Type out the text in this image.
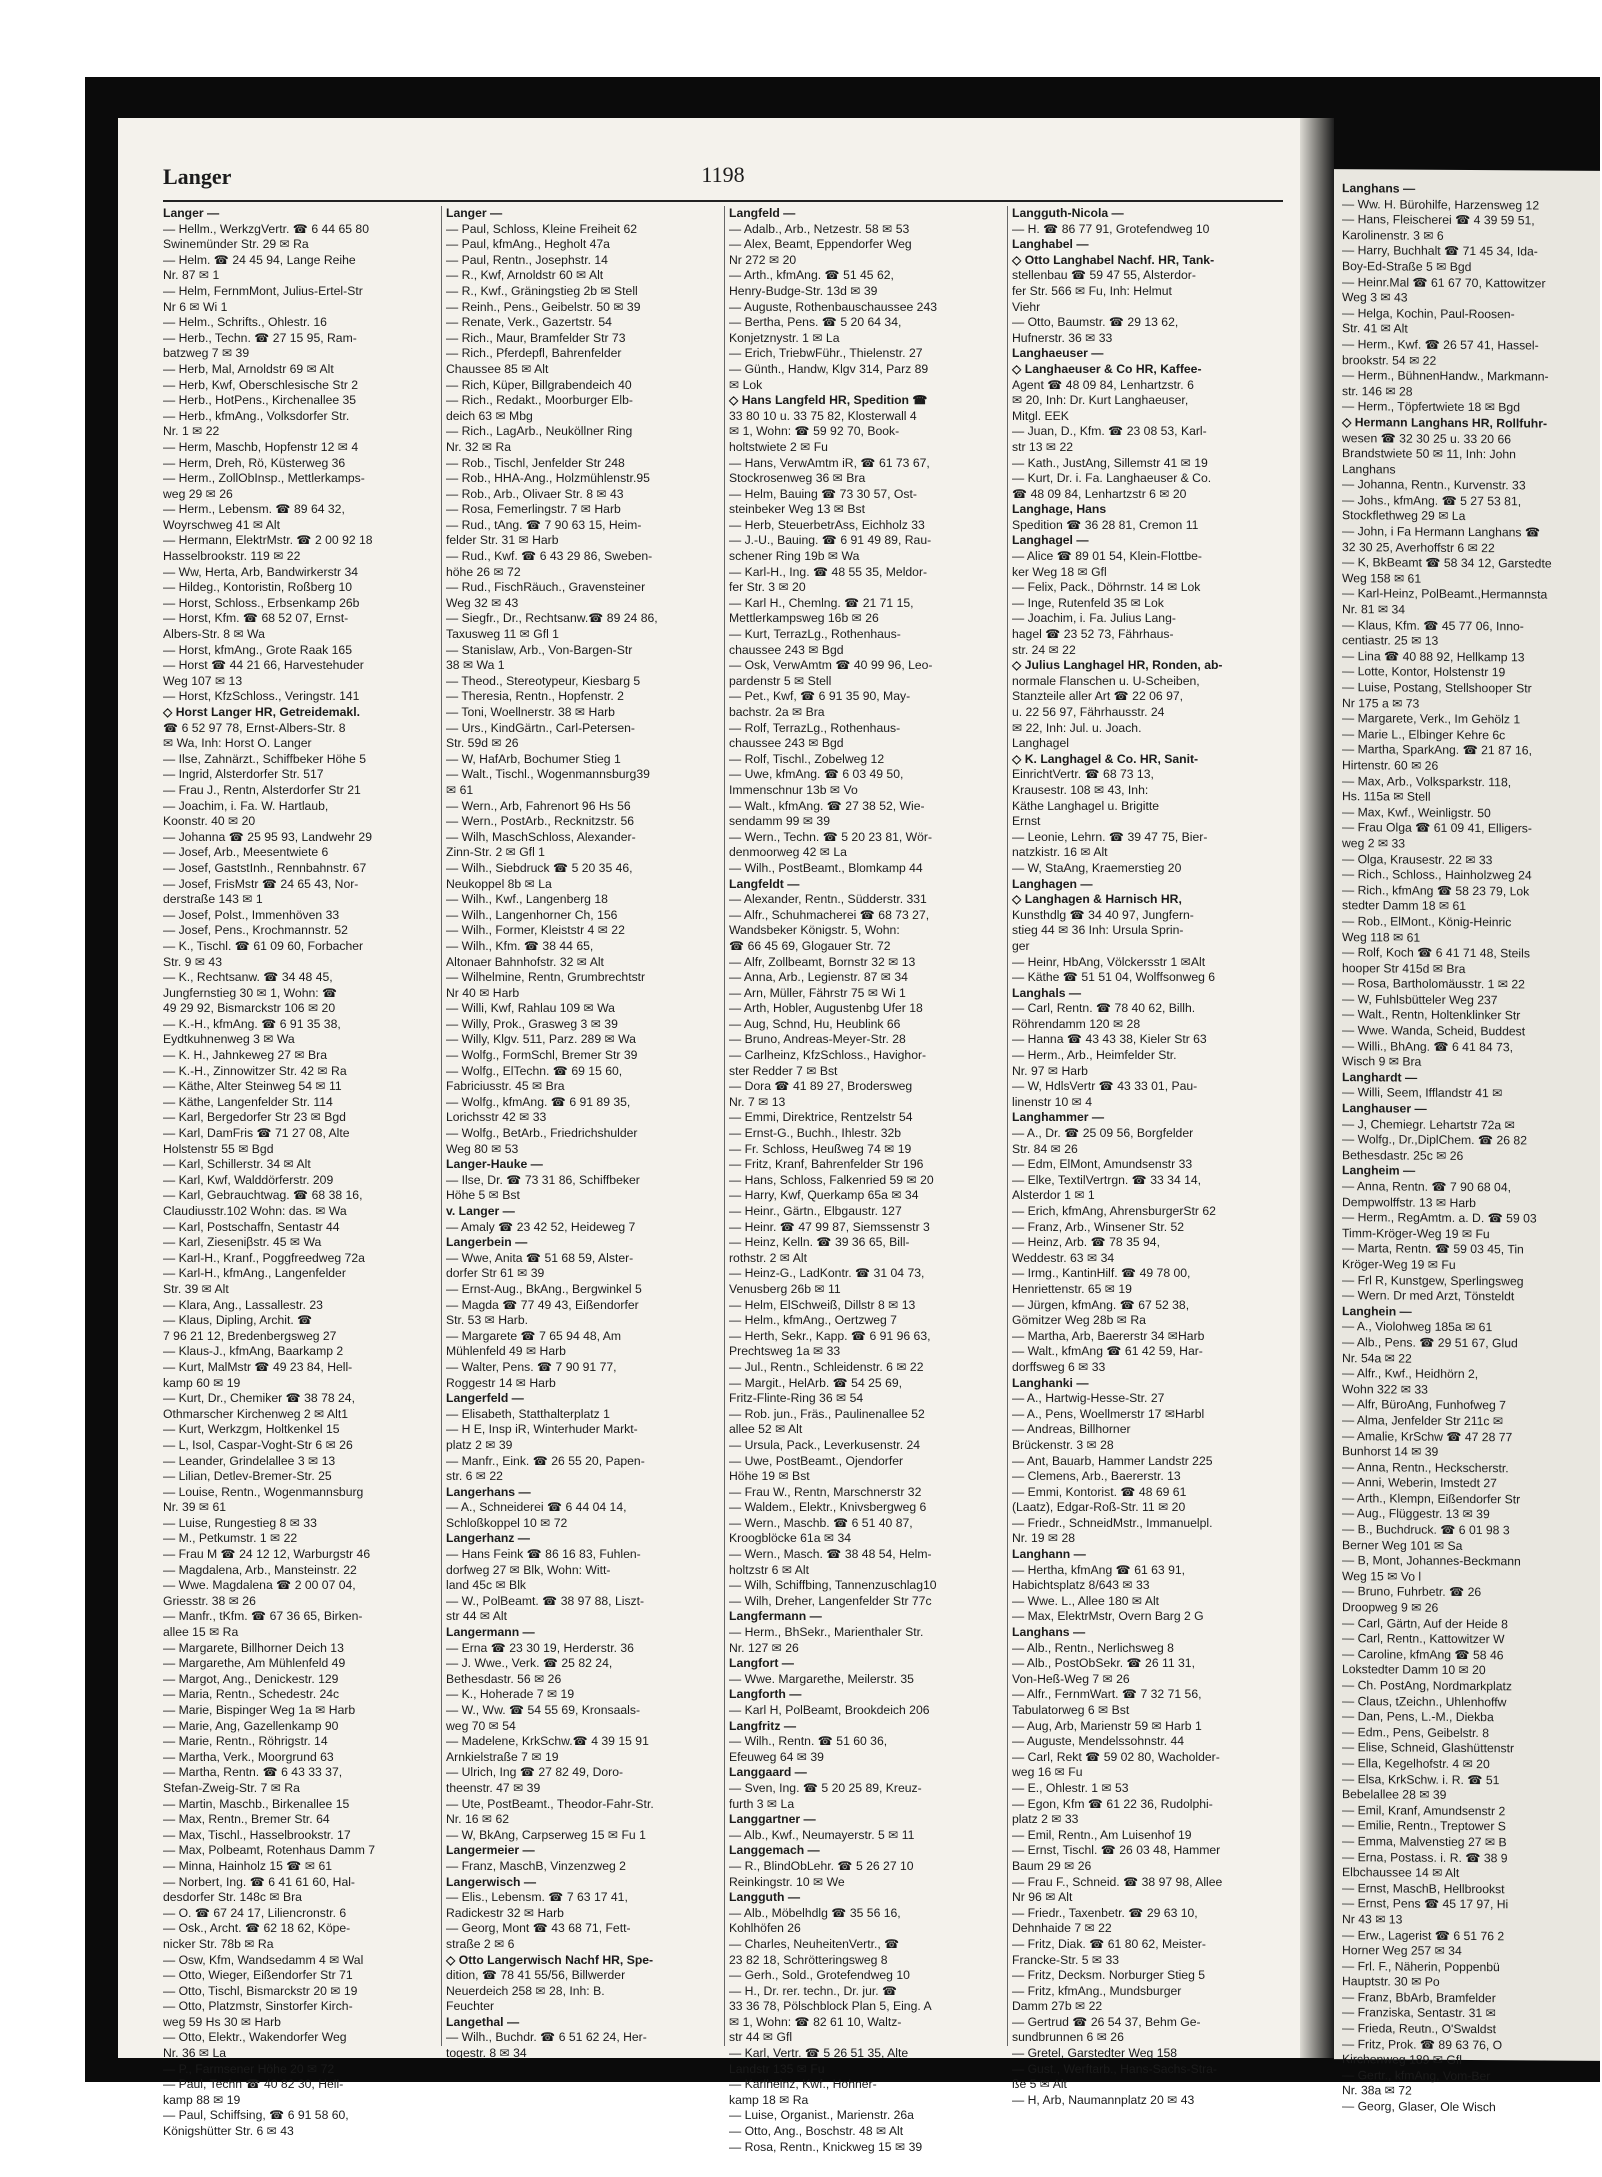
Langer	1198
Langer —
— Hellm., WerkzgVertr. ☎ 6 44 65 80
Swinemünder Str. 29 ✉ Ra
— Helm. ☎ 24 45 94, Lange Reihe
Nr. 87 ✉ 1
— Helm, FernmMont, Julius-Ertel-Str
Nr 6 ✉ Wi 1
— Helm., Schrifts., Ohlestr. 16
— Herb., Techn. ☎ 27 15 95, Ram-
batzweg 7 ✉ 39
— Herb, Mal, Arnoldstr 69 ✉ Alt
— Herb, Kwf, Oberschlesische Str 2
— Herb., HotPens., Kirchenallee 35
— Herb., kfmAng., Volksdorfer Str.
Nr. 1 ✉ 22
— Herm, Maschb, Hopfenstr 12 ✉ 4
— Herm, Dreh, Rö, Küsterweg 36
— Herm., ZollObInsp., Mettlerkamps-
weg 29 ✉ 26
— Herm., Lebensm. ☎ 89 64 32,
Woyrschweg 41 ✉ Alt
— Hermann, ElektrMstr. ☎ 2 00 92 18
Hasselbrookstr. 119 ✉ 22
— Ww, Herta, Arb, Bandwirkerstr 34
— Hildeg., Kontoristin, Roßberg 10
— Horst, Schloss., Erbsenkamp 26b
— Horst, Kfm. ☎ 68 52 07, Ernst-
Albers-Str. 8 ✉ Wa
— Horst, kfmAng., Grote Raak 165
— Horst ☎ 44 21 66, Harvestehuder
Weg 107 ✉ 13
— Horst, KfzSchloss., Veringstr. 141
◇ Horst Langer HR, Getreidemakl.
☎ 6 52 97 78, Ernst-Albers-Str. 8
✉ Wa, Inh: Horst O. Langer
— Ilse, Zahnärzt., Schiffbeker Höhe 5
— Ingrid, Alsterdorfer Str. 517
— Frau J., Rentn, Alsterdorfer Str 21
— Joachim, i. Fa. W. Hartlaub,
Koonstr. 40 ✉ 20
— Johanna ☎ 25 95 93, Landwehr 29
— Josef, Arb., Meesentwiete 6
— Josef, GaststInh., Rennbahnstr. 67
— Josef, FrisMstr ☎ 24 65 43, Nor-
derstraße 143 ✉ 1
— Josef, Polst., Immenhöven 33
— Josef, Pens., Krochmannstr. 52
— K., Tischl. ☎ 61 09 60, Forbacher
Str. 9 ✉ 43
— K., Rechtsanw. ☎ 34 48 45,
Jungfernstieg 30 ✉ 1, Wohn: ☎
49 29 92, Bismarckstr 106 ✉ 20
— K.-H., kfmAng. ☎ 6 91 35 38,
Eydtkuhnenweg 3 ✉ Wa
— K. H., Jahnkeweg 27 ✉ Bra
— K.-H., Zinnowitzer Str. 42 ✉ Ra
— Käthe, Alter Steinweg 54 ✉ 11
— Käthe, Langenfelder Str. 114
— Karl, Bergedorfer Str 23 ✉ Bgd
— Karl, DamFris ☎ 71 27 08, Alte
Holstenstr 55 ✉ Bgd
— Karl, Schillerstr. 34 ✉ Alt
— Karl, Kwf, Walddörferstr. 209
— Karl, Gebrauchtwag. ☎ 68 38 16,
Claudiusstr.102 Wohn: das. ✉ Wa
— Karl, Postschaffn, Sentastr 44
— Karl, Zieseniβstr. 45 ✉ Wa
— Karl-H., Kranf., Poggfreedweg 72a
— Karl-H., kfmAng., Langenfelder
Str. 39 ✉ Alt
— Klara, Ang., Lassallestr. 23
— Klaus, Dipling, Archit. ☎
7 96 21 12, Bredenbergsweg 27
— Klaus-J., kfmAng, Baarkamp 2
— Kurt, MalMstr ☎ 49 23 84, Hell-
kamp 60 ✉ 19
— Kurt, Dr., Chemiker ☎ 38 78 24,
Othmarscher Kirchenweg 2 ✉ Alt1
— Kurt, Werkzgm, Holtkenkel 15
— L, Isol, Caspar-Voght-Str 6 ✉ 26
— Leander, Grindelallee 3 ✉ 13
— Lilian, Detlev-Bremer-Str. 25
— Louise, Rentn., Wogenmannsburg
Nr. 39 ✉ 61
— Luise, Rungestieg 8 ✉ 33
— M., Petkumstr. 1 ✉ 22
— Frau M ☎ 24 12 12, Warburgstr 46
— Magdalena, Arb., Mansteinstr. 22
— Wwe. Magdalena ☎ 2 00 07 04,
Griesstr. 38 ✉ 26
— Manfr., tKfm. ☎ 67 36 65, Birken-
allee 15 ✉ Ra
— Margarete, Billhorner Deich 13
— Margarethe, Am Mühlenfeld 49
— Margot, Ang., Denickestr. 129
— Maria, Rentn., Schedestr. 24c
— Marie, Bispinger Weg 1a ✉ Harb
— Marie, Ang, Gazellenkamp 90
— Marie, Rentn., Röhrigstr. 14
— Martha, Verk., Moorgrund 63
— Martha, Rentn. ☎ 6 43 33 37,
Stefan-Zweig-Str. 7 ✉ Ra
— Martin, Maschb., Birkenallee 15
— Max, Rentn., Bremer Str. 64
— Max, Tischl., Hasselbrookstr. 17
— Max, Polbeamt, Rotenhaus Damm 7
— Minna, Hainholz 15 ☎ ✉ 61
— Norbert, Ing. ☎ 6 41 61 60, Hal-
desdorfer Str. 148c ✉ Bra
— O. ☎ 67 24 17, Liliencronstr. 6
— Osk., Archt. ☎ 62 18 62, Köpe-
nicker Str. 78b ✉ Ra
— Osw, Kfm, Wandsedamm 4 ✉ Wal
— Otto, Wieger, Eißendorfer Str 71
— Otto, Tischl, Bismarckstr 20 ✉ 19
— Otto, Platzmstr, Sinstorfer Kirch-
weg 59 Hs 30 ✉ Harb
— Otto, Elektr., Wakendorfer Weg
Nr. 36 ✉ La
— P., Farmsener Höhe 20 ✉ 72
— Paul, Techn ☎ 40 82 30, Hell-
kamp 88 ✉ 19
— Paul, Schiffsing, ☎ 6 91 58 60,
Königshütter Str. 6 ✉ 43
Langer —
— Paul, Schloss, Kleine Freiheit 62
— Paul, kfmAng., Hegholt 47a
— Paul, Rentn., Josephstr. 14
— R., Kwf, Arnoldstr 60 ✉ Alt
— R., Kwf., Gräningstieg 2b ✉ Stell
— Reinh., Pens., Geibelstr. 50 ✉ 39
— Renate, Verk., Gazertstr. 54
— Rich., Maur, Bramfelder Str 73
— Rich., Pferdepfl, Bahrenfelder
Chaussee 85 ✉ Alt
— Rich, Küper, Billgrabendeich 40
— Rich., Redakt., Moorburger Elb-
deich 63 ✉ Mbg
— Rich., LagArb., Neuköllner Ring
Nr. 32 ✉ Ra
— Rob., Tischl, Jenfelder Str 248
— Rob., HHA-Ang., Holzmühlenstr.95
— Rob., Arb., Olivaer Str. 8 ✉ 43
— Rosa, Femerlingstr. 7 ✉ Harb
— Rud., tAng. ☎ 7 90 63 15, Heim-
felder Str. 31 ✉ Harb
— Rud., Kwf. ☎ 6 43 29 86, Sweben-
höhe 26 ✉ 72
— Rud., FischRäuch., Gravensteiner
Weg 32 ✉ 43
— Siegfr., Dr., Rechtsanw.☎ 89 24 86,
Taxusweg 11 ✉ Gfl 1
— Stanislaw, Arb., Von-Bargen-Str
38 ✉ Wa 1
— Theod., Stereotypeur, Kiesbarg 5
— Theresia, Rentn., Hopfenstr. 2
— Toni, Woellnerstr. 38 ✉ Harb
— Urs., KindGärtn., Carl-Petersen-
Str. 59d ✉ 26
— W, HafArb, Bochumer Stieg 1
— Walt., Tischl., Wogenmannsburg39
✉ 61
— Wern., Arb, Fahrenort 96 Hs 56
— Wern., PostArb., Recknitzstr. 56
— Wilh, MaschSchloss, Alexander-
Zinn-Str. 2 ✉ Gfl 1
— Wilh., Siebdruck ☎ 5 20 35 46,
Neukoppel 8b ✉ La
— Wilh., Kwf., Langenberg 18
— Wilh., Langenhorner Ch, 156
— Wilh., Former, Kleiststr 4 ✉ 22
— Wilh., Kfm. ☎ 38 44 65,
Altonaer Bahnhofstr. 32 ✉ Alt
— Wilhelmine, Rentn, Grumbrechtstr
Nr 40 ✉ Harb
— Willi, Kwf, Rahlau 109 ✉ Wa
— Willy, Prok., Grasweg 3 ✉ 39
— Willy, Klgv. 511, Parz. 289 ✉ Wa
— Wolfg., FormSchl, Bremer Str 39
— Wolfg., ElTechn. ☎ 69 15 60,
Fabriciusstr. 45 ✉ Bra
— Wolfg., kfmAng. ☎ 6 91 89 35,
Lorichsstr 42 ✉ 33
— Wolfg., BetArb., Friedrichshulder
Weg 80 ✉ 53
Langer-Hauke —
— Ilse, Dr. ☎ 73 31 86, Schiffbeker
Höhe 5 ✉ Bst
v. Langer —
— Amaly ☎ 23 42 52, Heideweg 7
Langerbein —
— Wwe, Anita ☎ 51 68 59, Alster-
dorfer Str 61 ✉ 39
— Ernst-Aug., BkAng., Bergwinkel 5
— Magda ☎ 77 49 43, Eißendorfer
Str. 53 ✉ Harb.
— Margarete ☎ 7 65 94 48, Am
Mühlenfeld 49 ✉ Harb
— Walter, Pens. ☎ 7 90 91 77,
Roggestr 14 ✉ Harb
Langerfeld —
— Elisabeth, Statthalterplatz 1
— H E, Insp iR, Winterhuder Markt-
platz 2 ✉ 39
— Manfr., Eink. ☎ 26 55 20, Papen-
str. 6 ✉ 22
Langerhans —
— A., Schneiderei ☎ 6 44 04 14,
Schloßkoppel 10 ✉ 72
Langerhanz —
— Hans Feink ☎ 86 16 83, Fuhlen-
dorfweg 27 ✉ Blk, Wohn: Witt-
land 45c ✉ Blk
— W., PolBeamt. ☎ 38 97 88, Liszt-
str 44 ✉ Alt
Langermann —
— Erna ☎ 23 30 19, Herderstr. 36
— J. Wwe., Verk. ☎ 25 82 24,
Bethesdastr. 56 ✉ 26
— K., Hoherade 7 ✉ 19
— W., Ww. ☎ 54 55 69, Kronsaals-
weg 70 ✉ 54
— Madelene, KrkSchw.☎ 4 39 15 91
Arnkielstraße 7 ✉ 19
— Ulrich, Ing ☎ 27 82 49, Doro-
theenstr. 47 ✉ 39
— Ute, PostBeamt., Theodor-Fahr-Str.
Nr. 16 ✉ 62
— W, BkAng, Carpserweg 15 ✉ Fu 1
Langermeier —
— Franz, MaschB, Vinzenzweg 2
Langerwisch —
— Elis., Lebensm. ☎ 7 63 17 41,
Radickestr 32 ✉ Harb
— Georg, Mont ☎ 43 68 71, Fett-
straße 2 ✉ 6
◇ Otto Langerwisch Nachf HR, Spe-
dition, ☎ 78 41 55/56, Billwerder
Neuerdeich 258 ✉ 28, Inh: B.
Feuchter
Langethal —
— Wilh., Buchdr. ☎ 6 51 62 24, Her-
togestr. 8 ✉ 34
Langfeld —
— Adalb., Arb., Netzestr. 58 ✉ 53
— Alex, Beamt, Eppendorfer Weg
Nr 272 ✉ 20
— Arth., kfmAng. ☎ 51 45 62,
Henry-Budge-Str. 13d ✉ 39
— Auguste, Rothenbauschaussee 243
— Bertha, Pens. ☎ 5 20 64 34,
Konjetznystr. 1 ✉ La
— Erich, TriebwFühr., Thielenstr. 27
— Günth., Handw, Klgv 314, Parz 89
✉ Lok
◇ Hans Langfeld HR, Spedition ☎
33 80 10 u. 33 75 82, Klosterwall 4
✉ 1, Wohn: ☎ 59 92 70, Book-
holtstwiete 2 ✉ Fu
— Hans, VerwAmtm iR, ☎ 61 73 67,
Stockrosenweg 36 ✉ Bra
— Helm, Bauing ☎ 73 30 57, Ost-
steinbeker Weg 13 ✉ Bst
— Herb, SteuerbetrAss, Eichholz 33
— J.-U., Bauing. ☎ 6 91 49 89, Rau-
schener Ring 19b ✉ Wa
— Karl-H., Ing. ☎ 48 55 35, Meldor-
fer Str. 3 ✉ 20
— Karl H., Chemlng. ☎ 21 71 15,
Mettlerkampsweg 16b ✉ 26
— Kurt, TerrazLg., Rothenhaus-
chaussee 243 ✉ Bgd
— Osk, VerwAmtm ☎ 40 99 96, Leo-
pardenstr 5 ✉ Stell
— Pet., Kwf, ☎ 6 91 35 90, May-
bachstr. 2a ✉ Bra
— Rolf, TerrazLg., Rothenhaus-
chaussee 243 ✉ Bgd
— Rolf, Tischl., Zobelweg 12
— Uwe, kfmAng. ☎ 6 03 49 50,
Immenschnur 13b ✉ Vo
— Walt., kfmAng. ☎ 27 38 52, Wie-
sendamm 99 ✉ 39
— Wern., Techn. ☎ 5 20 23 81, Wör-
denmoorweg 42 ✉ La
— Wilh., PostBeamt., Blomkamp 44
Langfeldt —
— Alexander, Rentn., Südderstr. 331
— Alfr., Schuhmacherei ☎ 68 73 27,
Wandsbeker Königstr. 5, Wohn:
☎ 66 45 69, Glogauer Str. 72
— Alfr, Zollbeamt, Bornstr 32 ✉ 13
— Anna, Arb., Legienstr. 87 ✉ 34
— Arn, Müller, Fährstr 75 ✉ Wi 1
— Arth, Hobler, Augustenbg Ufer 18
— Aug, Schnd, Hu, Heublink 66
— Bruno, Andreas-Meyer-Str. 28
— Carlheinz, KfzSchloss., Havighor-
ster Redder 7 ✉ Bst
— Dora ☎ 41 89 27, Brodersweg
Nr. 7 ✉ 13
— Emmi, Direktrice, Rentzelstr 54
— Ernst-G., Buchh., Ihlestr. 32b
— Fr. Schloss, Heußweg 74 ✉ 19
— Fritz, Kranf, Bahrenfelder Str 196
— Hans, Schloss, Falkenried 59 ✉ 20
— Harry, Kwf, Querkamp 65a ✉ 34
— Heinr., Gärtn., Elbgaustr. 127
— Heinr. ☎ 47 99 87, Siemssenstr 3
— Heinz, Kelln. ☎ 39 36 65, Bill-
rothstr. 2 ✉ Alt
— Heinz-G., LadKontr. ☎ 31 04 73,
Venusberg 26b ✉ 11
— Helm, ElSchweiß, Dillstr 8 ✉ 13
— Helm., kfmAng., Oertzweg 7
— Herth, Sekr., Kapp. ☎ 6 91 96 63,
Prechtsweg 1a ✉ 33
— Jul., Rentn., Schleidenstr. 6 ✉ 22
— Margit., HelArb. ☎ 54 25 69,
Fritz-Flinte-Ring 36 ✉ 54
— Rob. jun., Fräs., Paulinenallee 52
allee 52 ✉ Alt
— Ursula, Pack., Leverkusenstr. 24
— Uwe, PostBeamt., Ojendorfer
Höhe 19 ✉ Bst
— Frau W., Rentn, Marschnerstr 32
— Waldem., Elektr., Knivsbergweg 6
— Wern., Maschb. ☎ 6 51 40 87,
Kroogblöcke 61a ✉ 34
— Wern., Masch. ☎ 38 48 54, Helm-
holtzstr 6 ✉ Alt
— Wilh, Schiffbing, Tannenzuschlag10
— Wilh, Dreher, Langenfelder Str 77c
Langfermann —
— Herm., BhSekr., Marienthaler Str.
Nr. 127 ✉ 26
Langfort —
— Wwe. Margarethe, Meilerstr. 35
Langforth —
— Karl H, PolBeamt, Brookdeich 206
Langfritz —
— Wilh., Rentn. ☎ 51 60 36,
Efeuweg 64 ✉ 39
Langgaard —
— Sven, Ing. ☎ 5 20 25 89, Kreuz-
furth 3 ✉ La
Langgartner —
— Alb., Kwf., Neumayerstr. 5 ✉ 11
Langgemach —
— R., BlindObLehr. ☎ 5 26 27 10
Reinkingstr. 10 ✉ We
Langguth —
— Alb., Möbelhdlg ☎ 35 56 16,
Kohlhöfen 26
— Charles, NeuheitenVertr., ☎
23 82 18, Schrötteringsweg 8
— Gerh., Sold., Grotefendweg 10
— H., Dr. rer. techn., Dr. jur. ☎
33 36 78, Pölschblock Plan 5, Eing. A
✉ 1, Wohn: ☎ 82 61 10, Waltz-
str 44 ✉ Gfl
— Karl, Vertr. ☎ 5 26 51 35, Alte
Landstr 135 ✉ Fu
— Karlheinz, Kwf., Hohner-
kamp 18 ✉ Ra
— Luise, Organist., Marienstr. 26a
— Otto, Ang., Boschstr. 48 ✉ Alt
— Rosa, Rentn., Knickweg 15 ✉ 39
Langguth-Nicola —
— H. ☎ 86 77 91, Grotefendweg 10
Langhabel —
◇ Otto Langhabel Nachf. HR, Tank-
stellenbau ☎ 59 47 55, Alsterdor-
fer Str. 566 ✉ Fu, Inh: Helmut
Viehr
— Otto, Baumstr. ☎ 29 13 62,
Hufnerstr. 36 ✉ 33
Langhaeuser —
◇ Langhaeuser & Co HR, Kaffee-
Agent ☎ 48 09 84, Lenhartzstr. 6
✉ 20, Inh: Dr. Kurt Langhaeuser,
Mitgl. EEK
— Juan, D., Kfm. ☎ 23 08 53, Karl-
str 13 ✉ 22
— Kath., JustAng, Sillemstr 41 ✉ 19
— Kurt, Dr. i. Fa. Langhaeuser & Co.
☎ 48 09 84, Lenhartzstr 6 ✉ 20
Langhage, Hans
Spedition ☎ 36 28 81, Cremon 11
Langhagel —
— Alice ☎ 89 01 54, Klein-Flottbe-
ker Weg 18 ✉ Gfl
— Felix, Pack., Döhrnstr. 14 ✉ Lok
— Inge, Rutenfeld 35 ✉ Lok
— Joachim, i. Fa. Julius Lang-
hagel ☎ 23 52 73, Fährhaus-
str. 24 ✉ 22
◇ Julius Langhagel HR, Ronden, ab-
normale Flanschen u. U-Scheiben,
Stanzteile aller Art ☎ 22 06 97,
u. 22 56 97, Fährhausstr. 24
✉ 22, Inh: Jul. u. Joach.
Langhagel
◇ K. Langhagel & Co. HR, Sanit-
EinrichtVertr. ☎ 68 73 13,
Krausestr. 108 ✉ 43, Inh:
Käthe Langhagel u. Brigitte
Ernst
— Leonie, Lehrn. ☎ 39 47 75, Bier-
natzkistr. 16 ✉ Alt
— W, StaAng, Kraemerstieg 20
Langhagen —
◇ Langhagen & Harnisch HR,
Kunsthdlg ☎ 34 40 97, Jungfern-
stieg 44 ✉ 36 Inh: Ursula Sprin-
ger
— Heinr, HbAng, Völckersstr 1 ✉Alt
— Käthe ☎ 51 51 04, Wolffsonweg 6
Langhals —
— Carl, Rentn. ☎ 78 40 62, Billh.
Röhrendamm 120 ✉ 28
— Hanna ☎ 43 43 38, Kieler Str 63
— Herm., Arb., Heimfelder Str.
Nr. 97 ✉ Harb
— W, HdlsVertr ☎ 43 33 01, Pau-
linenstr 10 ✉ 4
Langhammer —
— A., Dr. ☎ 25 09 56, Borgfelder
Str. 84 ✉ 26
— Edm, ElMont, Amundsenstr 33
— Elke, TextilVertrgn. ☎ 33 34 14,
Alsterdor 1 ✉ 1
— Erich, kfmAng, AhrensburgerStr 62
— Franz, Arb., Winsener Str. 52
— Heinz, Arb. ☎ 78 35 94,
Weddestr. 63 ✉ 34
— Irmg., KantinHilf. ☎ 49 78 00,
Henriettenstr. 65 ✉ 19
— Jürgen, kfmAng. ☎ 67 52 38,
Gömitzer Weg 28b ✉ Ra
— Martha, Arb, Baererstr 34 ✉Harb
— Walt., kfmAng ☎ 61 42 59, Har-
dorffsweg 6 ✉ 33
Langhanki —
— A., Hartwig-Hesse-Str. 27
— A., Pens, Woellmerstr 17 ✉Harbl
— Andreas, Billhorner
Brückenstr. 3 ✉ 28
— Ant, Bauarb, Hammer Landstr 225
— Clemens, Arb., Baererstr. 13
— Emmi, Kontorist. ☎ 48 69 61
(Laatz), Edgar-Roß-Str. 11 ✉ 20
— Friedr., SchneidMstr., Immanuelpl.
Nr. 19 ✉ 28
Langhann —
— Hertha, kfmAng ☎ 61 63 91,
Habichtsplatz 8/643 ✉ 33
— Wwe. L., Allee 180 ✉ Alt
— Max, ElektrMstr, Overn Barg 2 G
Langhans —
— Alb., Rentn., Nerlichsweg 8
— Alb., PostObSekr. ☎ 26 11 31,
Von-Heß-Weg 7 ✉ 26
— Alfr., FernmWart. ☎ 7 32 71 56,
Tabulatorweg 6 ✉ Bst
— Aug, Arb, Marienstr 59 ✉ Harb 1
— Auguste, Mendelssohnstr. 44
— Carl, Rekt ☎ 59 02 80, Wacholder-
weg 16 ✉ Fu
— E., Ohlestr. 1 ✉ 53
— Egon, Kfm ☎ 61 22 36, Rudolphi-
platz 2 ✉ 33
— Emil, Rentn., Am Luisenhof 19
— Ernst, Tischl. ☎ 26 03 48, Hammer
Baum 29 ✉ 26
— Frau F., Schneid. ☎ 38 97 98, Allee
Nr 96 ✉ Alt
— Friedr., Taxenbetr. ☎ 29 63 10,
Dehnhaide 7 ✉ 22
— Fritz, Diak. ☎ 61 80 62, Meister-
Francke-Str. 5 ✉ 33
— Fritz, Decksm. Norburger Stieg 5
— Fritz, kfmAng., Mundsburger
Damm 27b ✉ 22
— Gertrud ☎ 26 54 37, Behm Ge-
sundbrunnen 6 ✉ 26
— Gretel, Garstedter Weg 158
— Gust., Werftarb., Hans-Sachs-Stra-
ße 5 ✉ Alt
— H, Arb, Naumannplatz 20 ✉ 43
Langhans —
— Ww. H. Bürohilfe, Harzensweg 12
— Hans, Fleischerei ☎ 4 39 59 51,
Karolinenstr. 3 ✉ 6
— Harry, Buchhalt ☎ 71 45 34, Ida-
Boy-Ed-Straße 5 ✉ Bgd
— Heinr.Mal ☎ 61 67 70, Kattowitzer
Weg 3 ✉ 43
— Helga, Kochin, Paul-Roosen-
Str. 41 ✉ Alt
— Herm., Kwf. ☎ 26 57 41, Hassel-
brookstr. 54 ✉ 22
— Herm., BühnenHandw., Markmann-
str. 146 ✉ 28
— Herm., Töpfertwiete 18 ✉ Bgd
◇ Hermann Langhans HR, Rollfuhr-
wesen ☎ 32 30 25 u. 33 20 66
Brandstwiete 50 ✉ 11, Inh: John
Langhans
— Johanna, Rentn., Kurvenstr. 33
— Johs., kfmAng. ☎ 5 27 53 81,
Stockflethweg 29 ✉ La
— John, i Fa Hermann Langhans ☎
32 30 25, Averhoffstr 6 ✉ 22
— K, BkBeamt ☎ 58 34 12, Garstedte
Weg 158 ✉ 61
— Karl-Heinz, PolBeamt.,Hermannsta
Nr. 81 ✉ 34
— Klaus, Kfm. ☎ 45 77 06, Inno-
centiastr. 25 ✉ 13
— Lina ☎ 40 88 92, Hellkamp 13
— Lotte, Kontor, Holstenstr 19
— Luise, Postang, Stellshooper Str
Nr 175 a ✉ 73
— Margarete, Verk., Im Gehölz 1
— Marie L., Elbinger Kehre 6c
— Martha, SparkAng. ☎ 21 87 16,
Hirtenstr. 60 ✉ 26
— Max, Arb., Volksparkstr. 118,
Hs. 115a ✉ Stell
— Max, Kwf., Weinligstr. 50
— Frau Olga ☎ 61 09 41, Elligers-
weg 2 ✉ 33
— Olga, Krausestr. 22 ✉ 33
— Rich., Schloss., Hainholzweg 24
— Rich., kfmAng ☎ 58 23 79, Lok
stedter Damm 18 ✉ 61
— Rob., ElMont., König-Heinric
Weg 118 ✉ 61
— Rolf, Koch ☎ 6 41 71 48, Steils
hooper Str 415d ✉ Bra
— Rosa, Bartholomäusstr. 1 ✉ 22
— W, Fuhlsbütteler Weg 237
— Walt., Rentn, Holtenklinker Str
— Wwe. Wanda, Scheid, Buddest
— Willi., BhAng. ☎ 6 41 84 73,
Wisch 9 ✉ Bra
Langhardt —
— Willi, Seem, Ifflandstr 41 ✉
Langhauser —
— J, Chemiegr. Lehartstr 72a ✉
— Wolfg., Dr.,DiplChem. ☎ 26 82
Bethesdastr. 25c ✉ 26
Langheim —
— Anna, Rentn. ☎ 7 90 68 04,
Dempwolffstr. 13 ✉ Harb
— Herm., RegAmtm. a. D. ☎ 59 03
Timm-Kröger-Weg 19 ✉ Fu
— Marta, Rentn. ☎ 59 03 45, Tin
Kröger-Weg 19 ✉ Fu
— Frl R, Kunstgew, Sperlingsweg
— Wern. Dr med Arzt, Tönsteldt
Langhein —
— A., Violohweg 185a ✉ 61
— Alb., Pens. ☎ 29 51 67, Glud
Nr. 54a ✉ 22
— Alfr., Kwf., Heidhörn 2,
Wohn 322 ✉ 33
— Alfr, BüroAng, Funhofweg 7
— Alma, Jenfelder Str 211c ✉
— Amalie, KrSchw ☎ 47 28 77
Bunhorst 14 ✉ 39
— Anna, Rentn., Heckscherstr.
— Anni, Weberin, Imstedt 27
— Arth., Klempn, Eißendorfer Str
— Aug., Flüggestr. 13 ✉ 39
— B., Buchdruck. ☎ 6 01 98 3
Berner Weg 101 ✉ Sa
— B, Mont, Johannes-Beckmann
Weg 15 ✉ Vo l
— Bruno, Fuhrbetr. ☎ 26
Droopweg 9 ✉ 26
— Carl, Gärtn, Auf der Heide 8
— Carl, Rentn., Kattowitzer W
— Caroline, kfmAng ☎ 58 46
Lokstedter Damm 10 ✉ 20
— Ch. PostAng, Nordmarkplatz
— Claus, tZeichn., Uhlenhoffw
— Dan, Pens, L.-M., Diekba
— Edm., Pens, Geibelstr. 8
— Elise, Schneid, Glashüttenstr
— Ella, Kegelhofstr. 4 ✉ 20
— Elsa, KrkSchw. i. R. ☎ 51
Bebelallee 28 ✉ 39
— Emil, Kranf, Amundsenstr 2
— Emilie, Rentn., Treptower S
— Emma, Malvenstieg 27 ✉ B
— Erna, Postass. i. R. ☎ 38 9
Elbchaussee 14 ✉ Alt
— Ernst, MaschB, Hellbrookst
— Ernst, Pens ☎ 45 17 97, Hi
Nr 43 ✉ 13
— Erw., Lagerist ☎ 6 51 76 2
Horner Weg 257 ✉ 34
— Frl. F., Näherin, Poppenbü
Hauptstr. 30 ✉ Po
— Franz, BbArb, Bramfelder
— Franziska, Sentastr. 31 ✉
— Frieda, Reutn., O'Swaldst
— Fritz, Prok. ☎ 89 63 76, O
Kirchenweg 189 ✉ Gfl
— Gertr., kfmAng, Vom-Ber
Nr. 38a ✉ 72
— Georg, Glaser, Ole Wisch
